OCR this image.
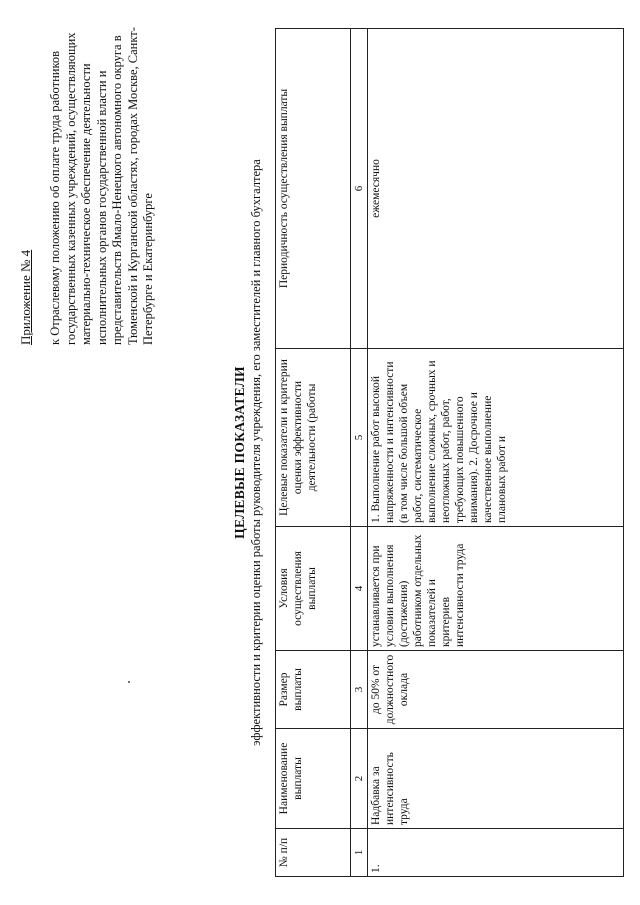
Приложение № 4 к Отраслевому положению об оплате труда работников государственных казенных учреждений, осуществляющих материально-техническое обеспечение деятельности исполнительных органов государственной власти и представительств Ямало-Ненецкого автономного округа в Тюменской и Курганской областях, городах Москве, Санкт-Петербурге и Екатеринбурге
ЦЕЛЕВЫЕ ПОКАЗАТЕЛИ эффективности и критерии оценки работы руководителя учреждения, его заместителей и главного бухгалтера
№ п/п	Наименование выплаты	Размер выплаты	Условия осуществления выплаты	Целевые показатели и критерии оценки эффективности деятельности (работы	Периодичность осуществления выплаты
1	2	3	4	5	6
1.	Надбавка за интенсивность труда	до 50% от должностного оклада	устанавливается при условии выполнения (достижения) работником отдельных показателей и критериев интенсивности труда	1. Выполнение работ высокой напряженности и интенсивности (в том числе большой объем работ, систематическое выполнение сложных, срочных и неотложных работ, работ, требующих повышенного внимания). 2. Досрочное и качественное выполнение плановых работ и	ежемесячно
